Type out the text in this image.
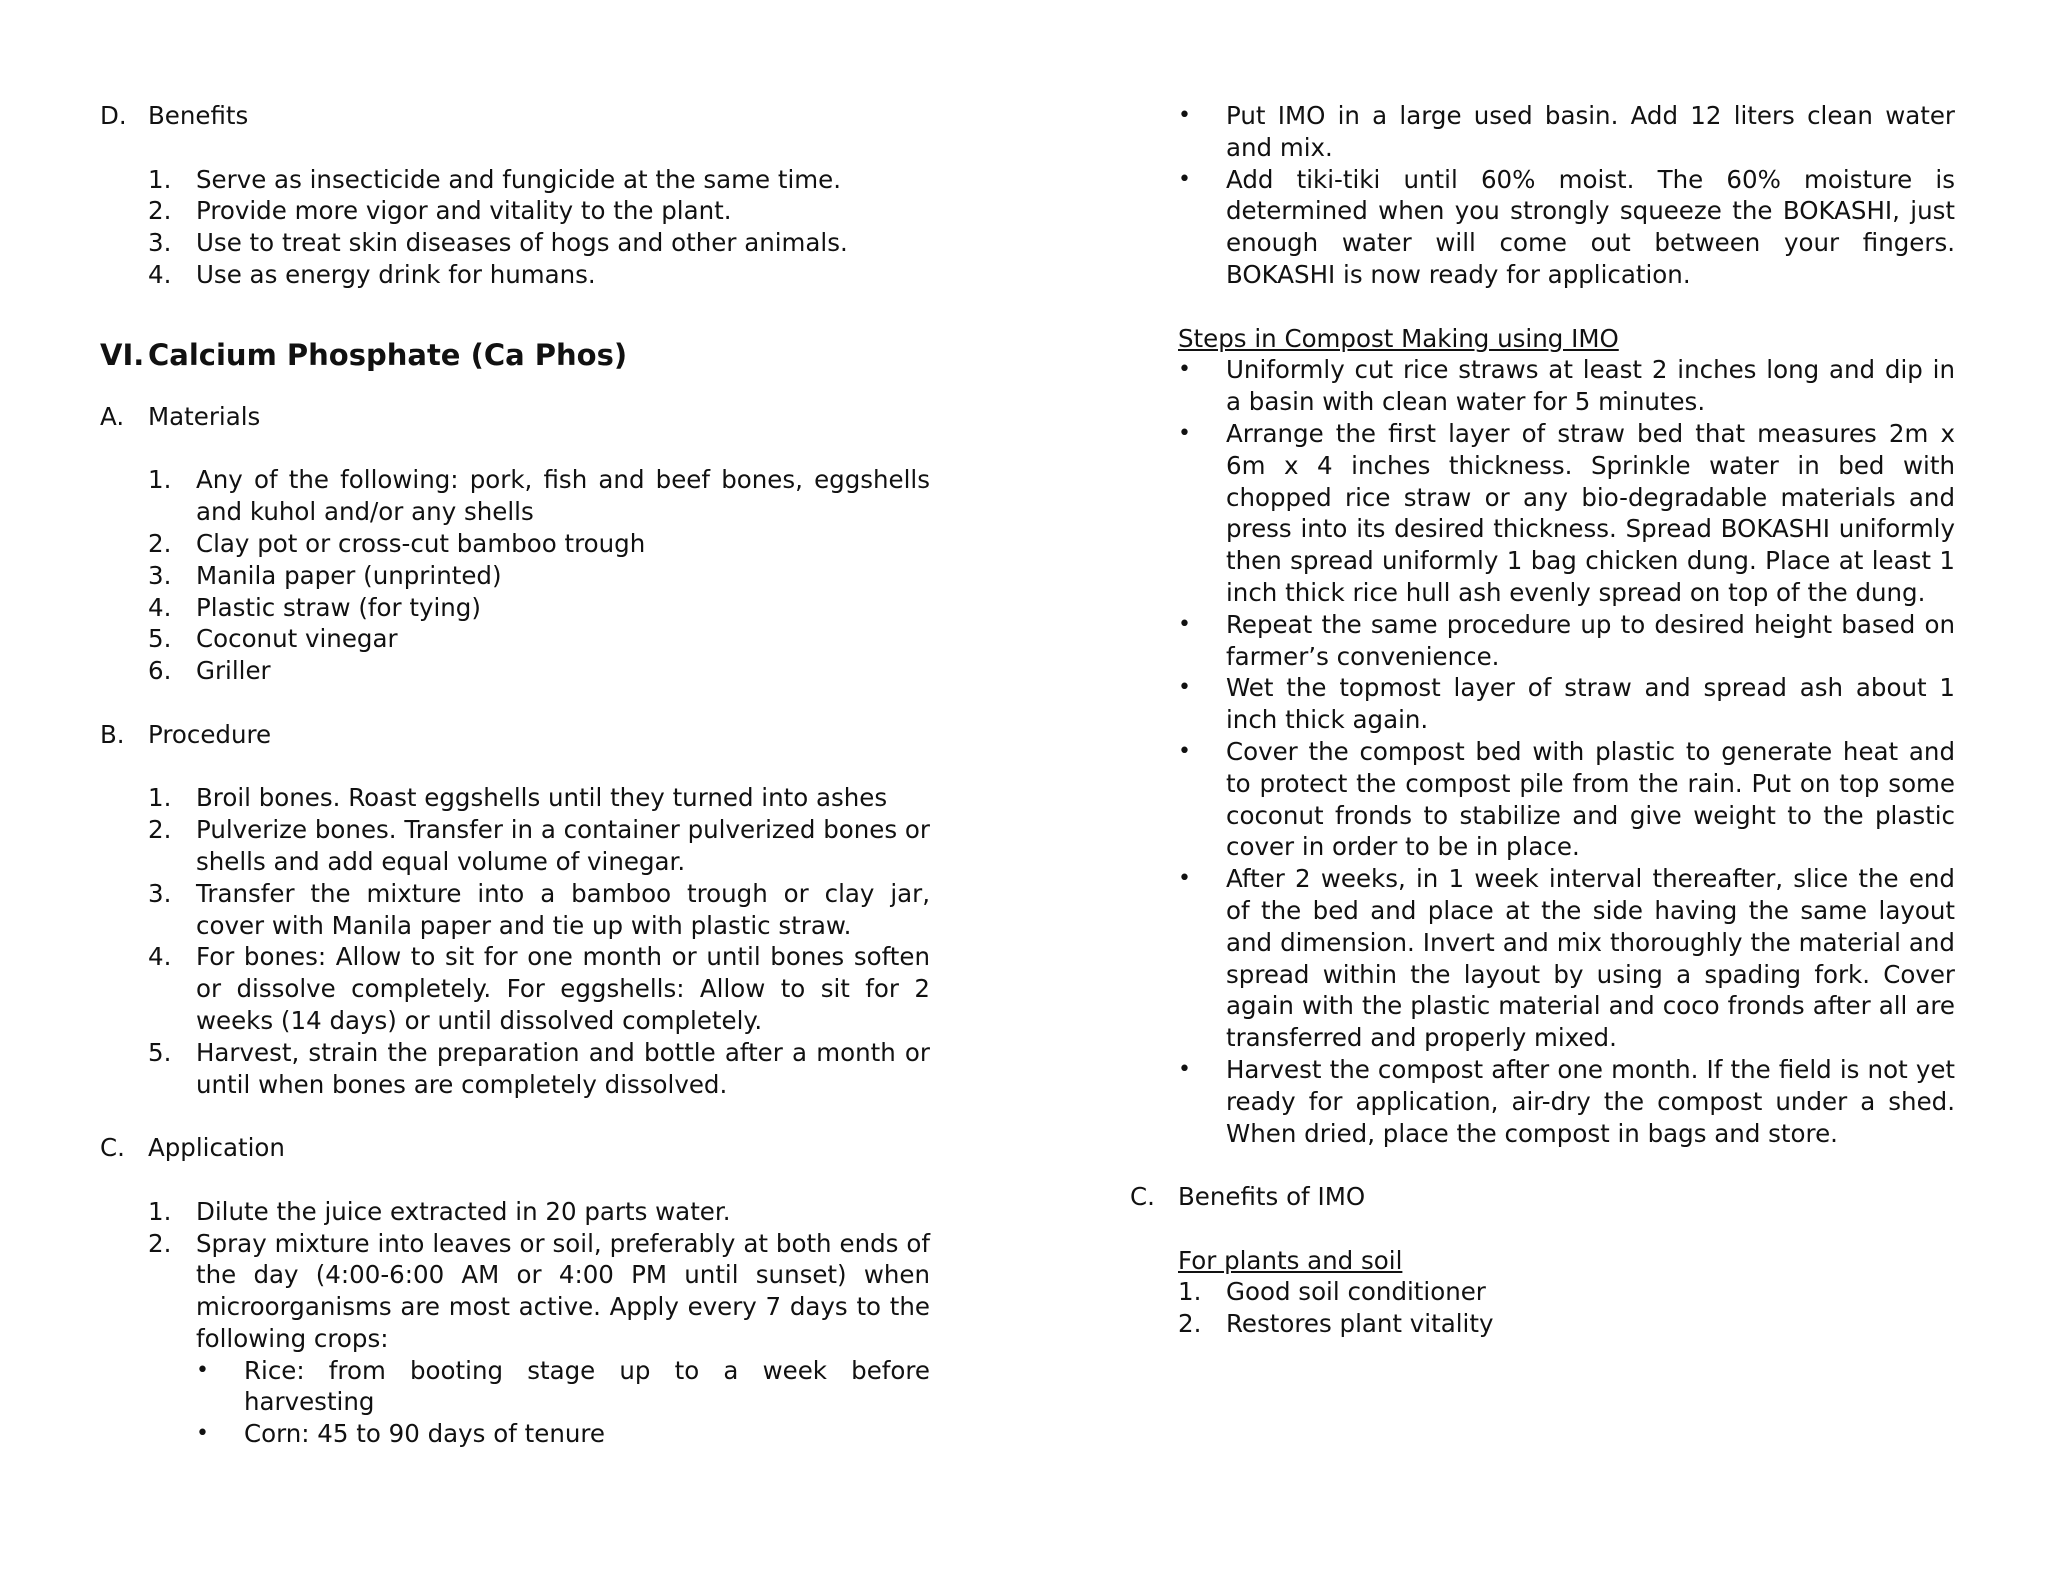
D. Benefits
1.	Serve as insecticide and fungicide at the same time.
2.	Provide more vigor and vitality to the plant.
3.	Use to treat skin diseases of hogs and other animals.
4.	Use as energy drink for humans.
VI. Calcium Phosphate (Ca Phos)
A. Materials
1.	Any of the following: pork, fish and beef bones, eggshells and kuhol and/or any shells
2.	Clay pot or cross-cut bamboo trough
3.	Manila paper (unprinted)
4.	Plastic straw (for tying)
5.	Coconut vinegar
6.	Griller
B. Procedure
1.	Broil bones. Roast eggshells until they turned into ashes
2.	Pulverize bones. Transfer in a container pulverized bones or shells and add equal volume of vinegar.
3.	Transfer the mixture into a bamboo trough or clay jar, cover with Manila paper and tie up with plastic straw.
4.	For bones: Allow to sit for one month or until bones soften or dissolve completely. For eggshells: Allow to sit for 2 weeks (14 days) or until dissolved completely.
5.	Harvest, strain the preparation and bottle after a month or until when bones are completely dissolved.
C. Application
1.	Dilute the juice extracted in 20 parts water.
2.	Spray mixture into leaves or soil, preferably at both ends of the day (4:00-6:00 AM or 4:00 PM until sunset) when microorganisms are most active. Apply every 7 days to the following crops:
•	Rice: from booting stage up to a week before harvesting
•	Corn: 45 to 90 days of tenure
•	Put IMO in a large used basin. Add 12 liters clean water and mix.
•	Add tiki-tiki until 60% moist. The 60% moisture is determined when you strongly squeeze the BOKASHI, just enough water will come out between your fingers. BOKASHI is now ready for application.
Steps in Compost Making using IMO
•	Uniformly cut rice straws at least 2 inches long and dip in a basin with clean water for 5 minutes.
•	Arrange the first layer of straw bed that measures 2m x 6m x 4 inches thickness. Sprinkle water in bed with chopped rice straw or any bio-degradable materials and press into its desired thickness. Spread BOKASHI uniformly then spread uniformly 1 bag chicken dung. Place at least 1 inch thick rice hull ash evenly spread on top of the dung.
•	Repeat the same procedure up to desired height based on farmer’s convenience.
•	Wet the topmost layer of straw and spread ash about 1 inch thick again.
•	Cover the compost bed with plastic to generate heat and to protect the compost pile from the rain. Put on top some coconut fronds to stabilize and give weight to the plastic cover in order to be in place.
•	After 2 weeks, in 1 week interval thereafter, slice the end of the bed and place at the side having the same layout and dimension. Invert and mix thoroughly the material and spread within the layout by using a spading fork. Cover again with the plastic material and coco fronds after all are transferred and properly mixed.
•	Harvest the compost after one month. If the field is not yet ready for application, air-dry the compost under a shed. When dried, place the compost in bags and store.
C. Benefits of IMO
For plants and soil
1.	Good soil conditioner
2.	Restores plant vitality
